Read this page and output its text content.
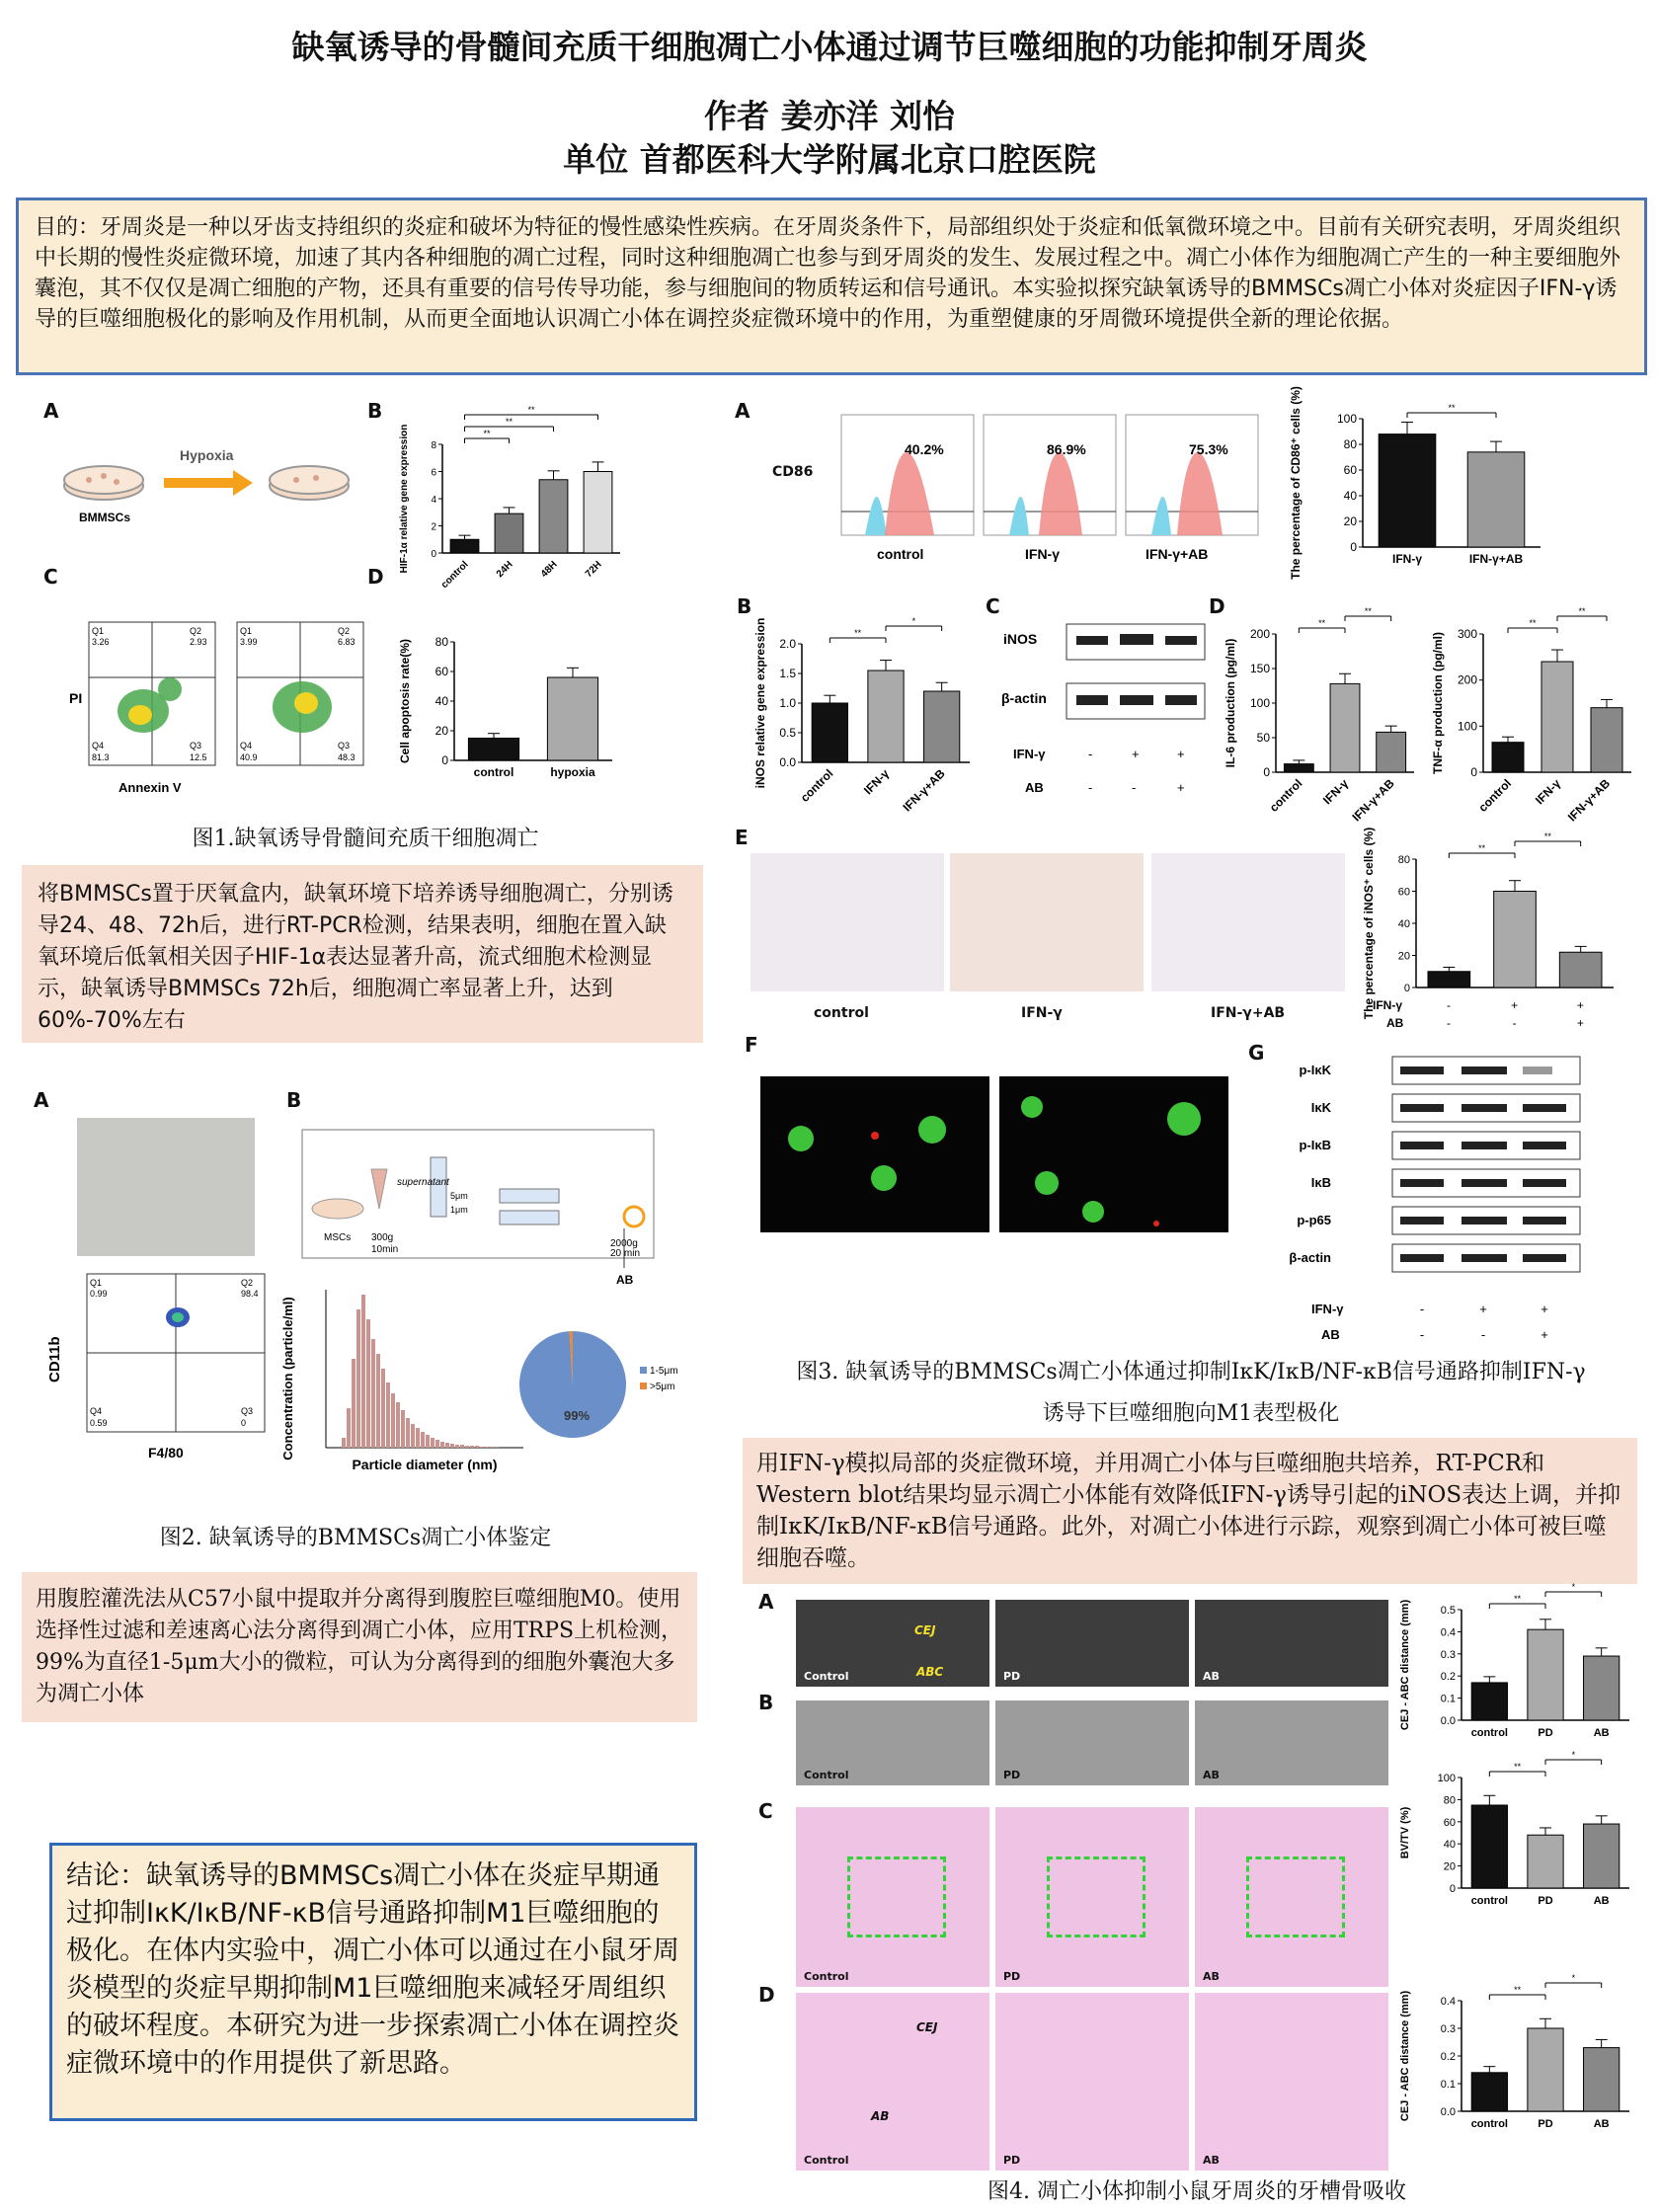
缺氧诱导的骨髓间充质干细胞凋亡小体通过调节巨噬细胞的功能抑制牙周炎
作者 姜亦洋 刘怡
单位 首都医科大学附属北京口腔医院
目的：牙周炎是一种以牙齿支持组织的炎症和破坏为特征的慢性感染性疾病。在牙周炎条件下，局部组织处于炎症和低氧微环境之中。目前有关研究表明，牙周炎组织中长期的慢性炎症微环境，加速了其内各种细胞的凋亡过程，同时这种细胞凋亡也参与到牙周炎的发生、发展过程之中。凋亡小体作为细胞凋亡产生的一种主要细胞外囊泡，其不仅仅是凋亡细胞的产物，还具有重要的信号传导功能，参与细胞间的物质转运和信号通讯。本实验拟探究缺氧诱导的BMMSCs凋亡小体对炎症因子IFN-γ诱导的巨噬细胞极化的影响及作用机制，从而更全面地认识凋亡小体在调控炎症微环境中的作用，为重塑健康的牙周微环境提供全新的理论依据。
A
BMMSCs
Hypoxia
B
0
2
4
6
8
control 24H 48H 72H
HIF-1α relative gene expression	**
**
**
C
PI
Annexin V
Q1
3.26
Q2
2.93
Q4
81.3
Q3
12.5
Q1
3.99
Q2
6.83
Q4
40.9
Q3
48.3
D
0
20
40
60
80
control	hypoxia
Cell apoptosis rate(%)
图1.缺氧诱导骨髓间充质干细胞凋亡
将BMMSCs置于厌氧盒内，缺氧环境下培养诱导细胞凋亡，分别诱导24、48、72h后，进行RT-PCR检测，结果表明，细胞在置入缺氧环境后低氧相关因子HIF-1α表达显著升高，流式细胞术检测显示，缺氧诱导BMMSCs 72h后，细胞凋亡率显著上升，达到60%-70%左右
A
CD11b
F4/80
Q1
0.99
Q2
98.4
Q4
0.59
Q3
0
B
MSCs 300g
10min
supernatant
5μm
1μm
2000g
20 min
AB
Concentration (particle/ml)
Particle diameter (nm)
99%
1-5μm
>5μm
图2. 缺氧诱导的BMMSCs凋亡小体鉴定
用腹腔灌洗法从C57小鼠中提取并分离得到腹腔巨噬细胞M0。使用选择性过滤和差速离心法分离得到凋亡小体，应用TRPS上机检测，99%为直径1-5μm大小的微粒，可认为分离得到的细胞外囊泡大多为凋亡小体
结论：缺氧诱导的BMMSCs凋亡小体在炎症早期通过抑制IκK/IκB/NF-κB信号通路抑制M1巨噬细胞的极化。在体内实验中，凋亡小体可以通过在小鼠牙周炎模型的炎症早期抑制M1巨噬细胞来减轻牙周组织的破坏程度。本研究为进一步探索凋亡小体在调控炎症微环境中的作用提供了新思路。
A
CD86
40.2%	86.9%	75.3%
control	IFN-γ	IFN-γ+AB	0
20
40
60
80
100
IFN-γ	IFN-γ+AB
The percentage of CD86⁺ cells (%)	**
B
0.0
0.5
1.0
1.5
2.0
control IFN-γ IFN-γ+AB
iNOS relative gene expression	**
*
C
iNOS
β-actin
IFN-γ
AB
-	+	+
-	-	+
D
0
50
100
150
200
control IFN-γ
IFN-γ+AB
IL-6 production (pg/ml)
**
**
0
100
200
300
control IFN-γ IFN-γ+AB
TNF-α production (pg/ml)
**
**
E
control	IFN-γ	IFN-γ+AB
0
20
40
60
80
The percentage of iNOS⁺ cells (%)	**
**
IFN-γ
AB
-	+	+
-	-	+
F	G
p-IκK
IκK
p-IκB
IκB
p-p65
β-actin
IFN-γ
AB
-	+	+
-	-	+
图3. 缺氧诱导的BMMSCs凋亡小体通过抑制IκK/IκB/NF-κB信号通路抑制IFN-γ
诱导下巨噬细胞向M1表型极化
用IFN-γ模拟局部的炎症微环境，并用凋亡小体与巨噬细胞共培养，RT-PCR和Western blot结果均显示凋亡小体能有效降低IFN-γ诱导引起的iNOS表达上调，并抑制IκK/IκB/NF-κB信号通路。此外，对凋亡小体进行示踪，观察到凋亡小体可被巨噬细胞吞噬。
A
B
C
D
Control	PD	AB
Control	PD	AB
Control	PD	AB
Control	PD	AB
0.0
0.1
0.2
0.3
0.4
0.5
control	PD	AB
CEJ - ABC distance (mm)
**
*
0
20
40
60
80
100
control	PD	AB
BV/TV (%)
**
*
0.0
0.1
0.2
0.3
0.4
control	PD	AB
CEJ - ABC distance (mm)
**
*
图4. 凋亡小体抑制小鼠牙周炎的牙槽骨吸收
CEJ
ABC
CEJ
AB
